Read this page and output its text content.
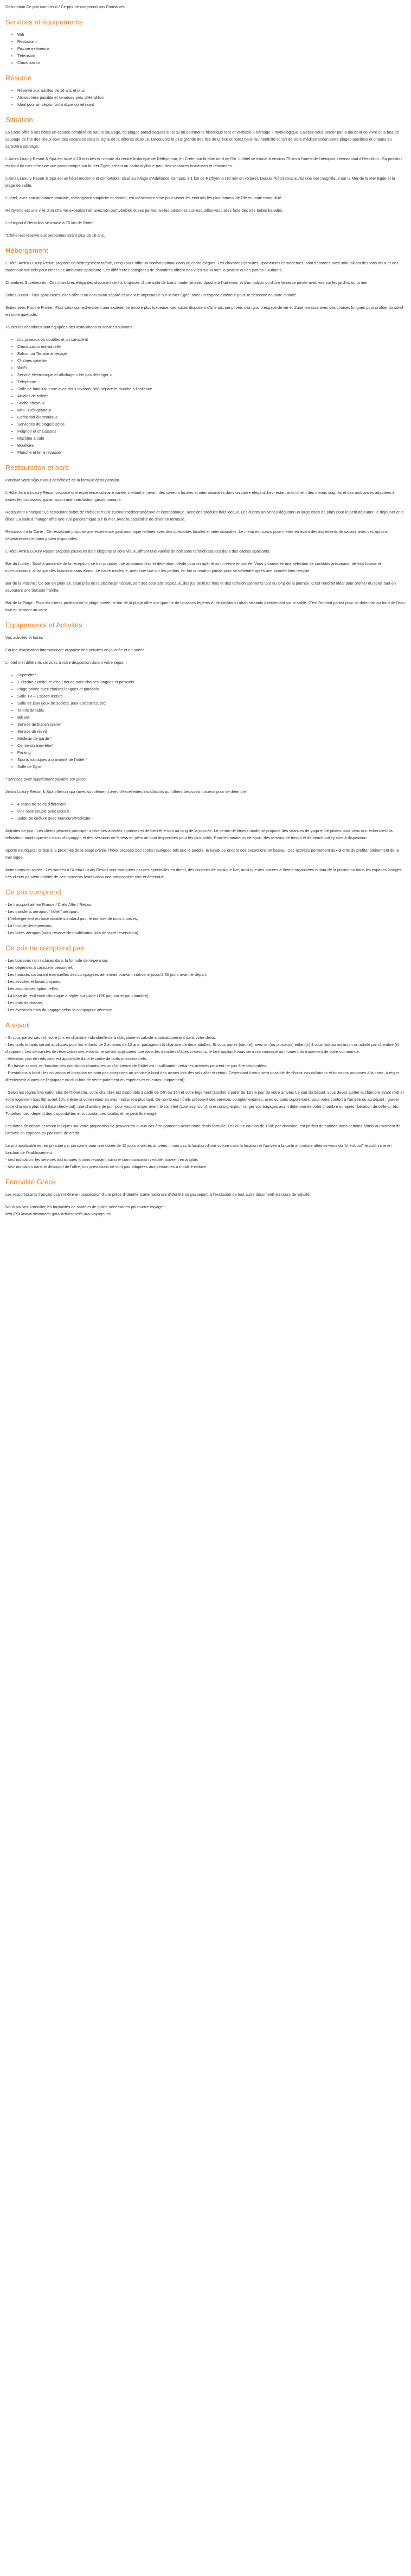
Description Ce prix comprend / Ce prix ne comprend pas Formalités

Services et équipements
• Wifi
• Restaurant
• Piscine extérieure
• Télévision
• Climatisation
Résumé
• Réservé aux adultes de 16 ans et plus
• Atmosphère paisible et luxueuse près d'Héraklion
• Idéal pour un séjour romantique ou relaxant
Situation

La Crète offre à ses hôtes un espace combiné de nature sauvage, de plages paradisiaques ainsi qu'un patrimoine historique rare et véritable « héritage » mythologique. Laissez-vous bercer par la douceur de vivre et la beauté sauvage de l'île des Dieux pour des vacances sous le signe de la détente absolue. Découvrez la plus grande des îles de Grèce et optez pour l'authenticité et l'art de vivre méditerranéen entre plages paisibles et criques au caractère sauvage.

L'Amira Luxury Resort & Spa est situé à 10 minutes en voiture du centre historique de Réthymnon, en Crète, sur la côte nord de l'île. L'hôtel se trouve à environ 75 km à l'ouest de l'aéroport international d'Héraklion . Sa position en bord de mer offre une vue panoramique sur la mer Égée, créant un cadre idyllique pour des vacances luxueuses et relaxantes.

L'Amira Luxury Resort & Spa est un hôtel moderne et confortable, situé au village d'Adelianos Kampos, à 1 km de Réthymno (10 min en voiture). Depuis l'hôtel vous aurez une vue magnifique sur la Mer de la Mer Égée et la plage de sable.

L'hôtel, avec son ambiance familiale, mélangeant simplicité et confort, est idéalement situé pour visiter les endroits les plus fameux de l'île en toute tranquillité.

Réthymno est une ville d'un charme exceptionnel, avec son port vénitien et ses petites ruelles piétonnes sur lesquelles vous allez faire des très belles balades.

L'aéroport d'Héraklion se trouve à 75 km de l'hôtel.

*L'hôtel est réservé aux personnes ayant plus de 16 ans.

Hébergement

L'Hôtel Amira Luxury Resort propose un hébergement raffiné, conçu pour offrir un confort optimal dans un cadre élégant. Les chambres et suites, spacieuses et modernes, sont décorées avec soin, alliant des tons doux et des matériaux naturels pour créer une ambiance apaisante. Les différentes catégories de chambres offrent des vues sur la mer, la piscine ou les jardins luxuriants.

Chambres Supérieures : Ces chambres élégantes disposent de lits king-size, d'une salle de bains moderne avec douche à l'italienne, et d'un balcon ou d'une terrasse privée avec vue sur les jardins ou la mer.

Suites Junior : Plus spacieuses, elles offrent un coin salon séparé et une vue imprenable sur la mer Égée, avec un espace extérieur pour se détendre en toute intimité.

Suites avec Piscine Privée : Pour ceux qui recherchent une expérience encore plus luxueuse, ces suites disposent d'une piscine privée, d'un grand espace de vie et d'une terrasse avec des chaises longues pour profiter du soleil en toute quiétude.

Toutes les chambres sont équipées des installations et services suivants :

• Lits jumeaux ou doubles et un canapé lit
• Climatisation individuelle
• Balcon ou Terrace aménagé
• Chaînes satellite
• Wi-Fi
• Service électronique et affichage « Ne pas déranger »
• Téléphone
• Salle de bain luxueuse avec deux lavabos, WC séparé et douche à l'italienne
• Articles de toilette
• Sèche-cheveux
• Mini - Réfrigérateur
• Coffre-fort électronique
• Serviettes de plage/piscine
• Peignoir et chaussons
• Machine à café
• Bouilloire
• Planche et fer à repasser
Restauration et bars

Pendant votre séjour vous bénéficiez de la formule demi-pension.

L'Hôtel Amira Luxury Resort propose une expérience culinaire variée, mettant en avant des saveurs locales et internationales dans un cadre élégant. Les restaurants offrent des menus soignés et des ambiances adaptées à toutes les occasions, garantissant une satisfaction gastronomique.

Restaurant Principal : Le restaurant buffet de l'hôtel sert une cuisine méditerranéenne et internationale, avec des produits frais locaux. Les clients peuvent y déguster un large choix de plats pour le petit-déjeuner, le déjeuner et le dîner. La salle à manger offre une vue panoramique sur la mer, avec la possibilité de dîner en terrasse.

Restaurant à la Carte : Ce restaurant propose une expérience gastronomique raffinée avec des spécialités locales et internationales. Le menu est conçu pour mettre en avant des ingrédients de saison, avec des options végétariennes et sans gluten disponibles.

L'Hôtel Amira Luxury Resort propose plusieurs bars élégants et conviviaux, offrant une variété de boissons rafraîchissantes dans des cadres apaisants.

Bar du Lobby : Situé à proximité de la réception, ce bar propose une ambiance chic et détendue, idéale pour un apéritif ou un verre en soirée. Vous y trouverez une sélection de cocktails artisanaux, de vins locaux et internationaux, ainsi que des boissons sans alcool. Le cadre moderne, avec une vue sur les jardins, en fait un endroit parfait pour se détendre après une journée bien remplie.

Bar de la Piscine : Ce bar en plein air, situé près de la piscine principale, sert des cocktails tropicaux, des jus de fruits frais et des rafraîchissements tout au long de la journée. C'est l'endroit idéal pour profiter du soleil tout en savourant une boisson fraîche.

Bar de la Plage : Pour les clients profitant de la plage privée, le bar de la plage offre une gamme de boissons légères et de cocktails rafraîchissants directement sur le sable. C'est l'endroit parfait pour se détendre au bord de l'eau tout en sirotant un verre.

Equipements et Activités

Vos activités et loisirs

Equipe d'animation internationale organise des activités en journée et en soirée.

L'hôtel met différents services à votre disposition durant votre séjour :

• Superette*
• 1 Piscine extérieure d'eau douce avec chaises longues et parasols
• Plage privée avec chaises longues et parasols
• Salle TV – Espace lecture
• Salle de jeux (jeux de société, jeux aux cartes, etc)
• Tennis de table
• Billiard
• Service de blanchisserie*
• Service de réveil
• Médecin de garde *
• Centre du bien-être*
• Parking
• Sports nautiques à proximité de l'hôtel *
• Salle de Gym

* services avec supplément payable sur place.

Amira Luxury Resort & Spa offre un spa (avec supplément) avec d'excellentes installations qui offrent des soins luxueux pour se détendre :

• 4 salles de soins différentes
• Une salle couple avec jacuzzi
• Salon de coiffure avec Manicure/Pedicure

Activités de jour : Les clients peuvent participer à diverses activités sportives et de bien-être tout au long de la journée. Le centre de fitness moderne propose des séances de yoga et de pilates pour ceux qui recherchent la relaxation, tandis que des cours d'aquagym et des sessions de fitness en plein air sont disponibles pour les plus actifs. Pour les amateurs de sport, des terrains de tennis et de beach-volley sont à disposition.

Sports nautiques : Grâce à la proximité de la plage privée, l'hôtel propose des sports nautiques tels que le paddle, le kayak ou encore des excursions en bateau. Ces activités permettent aux clients de profiter pleinement de la mer Égée.

Animations en soirée : Les soirées à l'Amira Luxury Resort sont marquées par des spectacles en direct, des concerts de musique live, ainsi que des soirées à thème organisées autour de la piscine ou dans les espaces lounges. Les clients peuvent profiter de ces moments festifs dans une atmosphère chic et détendue.

Ce prix comprend

- Le transport aérien France / Crète Aller / Retour,

- Les transferts aéroport / hôtel / aéroport,

- L'hébergement en base double standard pour le nombre de nuits choisies,

- La formule demi-pension,

- Les taxes aéroport (sous réserve de modification lors de votre réservation).

Ce prix ne comprend pas

- Les boissons non incluses dans la formule demi-pension,

- Les dépenses à caractère personnel,

- Les hausses carburant éventuelles des compagnies aériennes pouvant intervenir jusqu'à 30 jours avant le départ,

- Les activités et loisirs payants,

- Les assurances optionnelles,

- La base de résilience climatique à régler sur place (15€ par jour et par chambre)

- Les frais de dossier,

- Les éventuels frais de bagage selon la compagnie aérienne.

A savoir

- Si vous partez seul(e), votre prix en chambre individuelle sera obligatoire et calculé automatiquement dans votre devis.

- Les tarifs enfants seront appliqués pour les enfants de 2 à moins de 12 ans, partageant la chambre de deux adultes. Si vous partez (seul(e)) avec un (ou plusieurs) enfant(s) il vous faut au minimum un adulte par chambre (lit d'appoint). Les demandes de réservation des enfants ne seront appliquées que dans les tranches d'âges ci-dessus, le tarif appliqué vous sera communiqué au moment du traitement de votre commande.

- Attention, pas de réduction est applicable dans le cadre de tarifs promotionnels.

- En basse saison, en fonction des conditions climatiques ou d'affluence de l'hôtel est insuffisante, certaines activités peuvent ne pas être disponibles.

- Prestations à bord : les collations et boissons ne sont pas comprises au service à bord des avions lors des vols aller et retour. Cependant il vous sera possible de choisir vos collations et boissons proposés à la carte, à régler directement auprès de l'équipage ou d'un bon de vente paiement en espèces et en euros uniquement).

- Selon les règles internationales de l'hôtellerie, votre chambre est disponible à partir de 14h ou 15h et votre logement (souillé) à partir de 11h le jour de votre arrivée. Le jour du départ, vous devez quitter la chambre avant midi et votre logement (souillé) avant 10h, même si votre retour en avion est prévu plus tard. De nombreux hôtels prévoient des services complémentaires, avec ou sans supplément, pour votre confort à l'arrivée ou au départ : garder votre chambre plus tard (late check-out), une chambre de jour pour vous changer avant le transfert (courtesy room), une consigne pour ranger vos bagages avant détention de votre chambre ou après libération de celle-ci, etc. Toutefois, ceci dépend des disponibilités et circonstances locales et ne peut être exigé.

Les dates de départ et retour indiqués sur votre proposition ne peuvent en aucun cas être garanties avant notre devis l'arrivée. Les d'une caution de 150€ par chambre, est parfois demandée dans certains hôtels au moment de l'arrivée en espèces ou par carte de crédit.

Le prix applicable est en principe par personne pour une durée de 15 jours a pièces arrivées... mon pas la location d'une voiture mais la location et l'arrivée à la carte en voiture attestez-vous du "check out" le coût varie en fonction de l'établissement.

- seul indication; les services touristiques fournis reposent sur une communication verbale, souvent en anglais

- seul indication dans le descriptif de l'offre, nos prestations ne sont pas adaptées aux personnes à mobilité réduite.

Formalité Grèce

Les ressortissants français doivent être en possession d'une pièce d'identité (carte nationale d'identité ou passeport, à l'exclusion de tout autre document) en cours de validité.

Nous pouvez consulter les formalités de santé et de police nécessaires pour votre voyage :

http://XXXwww.diplomatie.gouv.fr/fr/conseils-aux-voyageurs/
